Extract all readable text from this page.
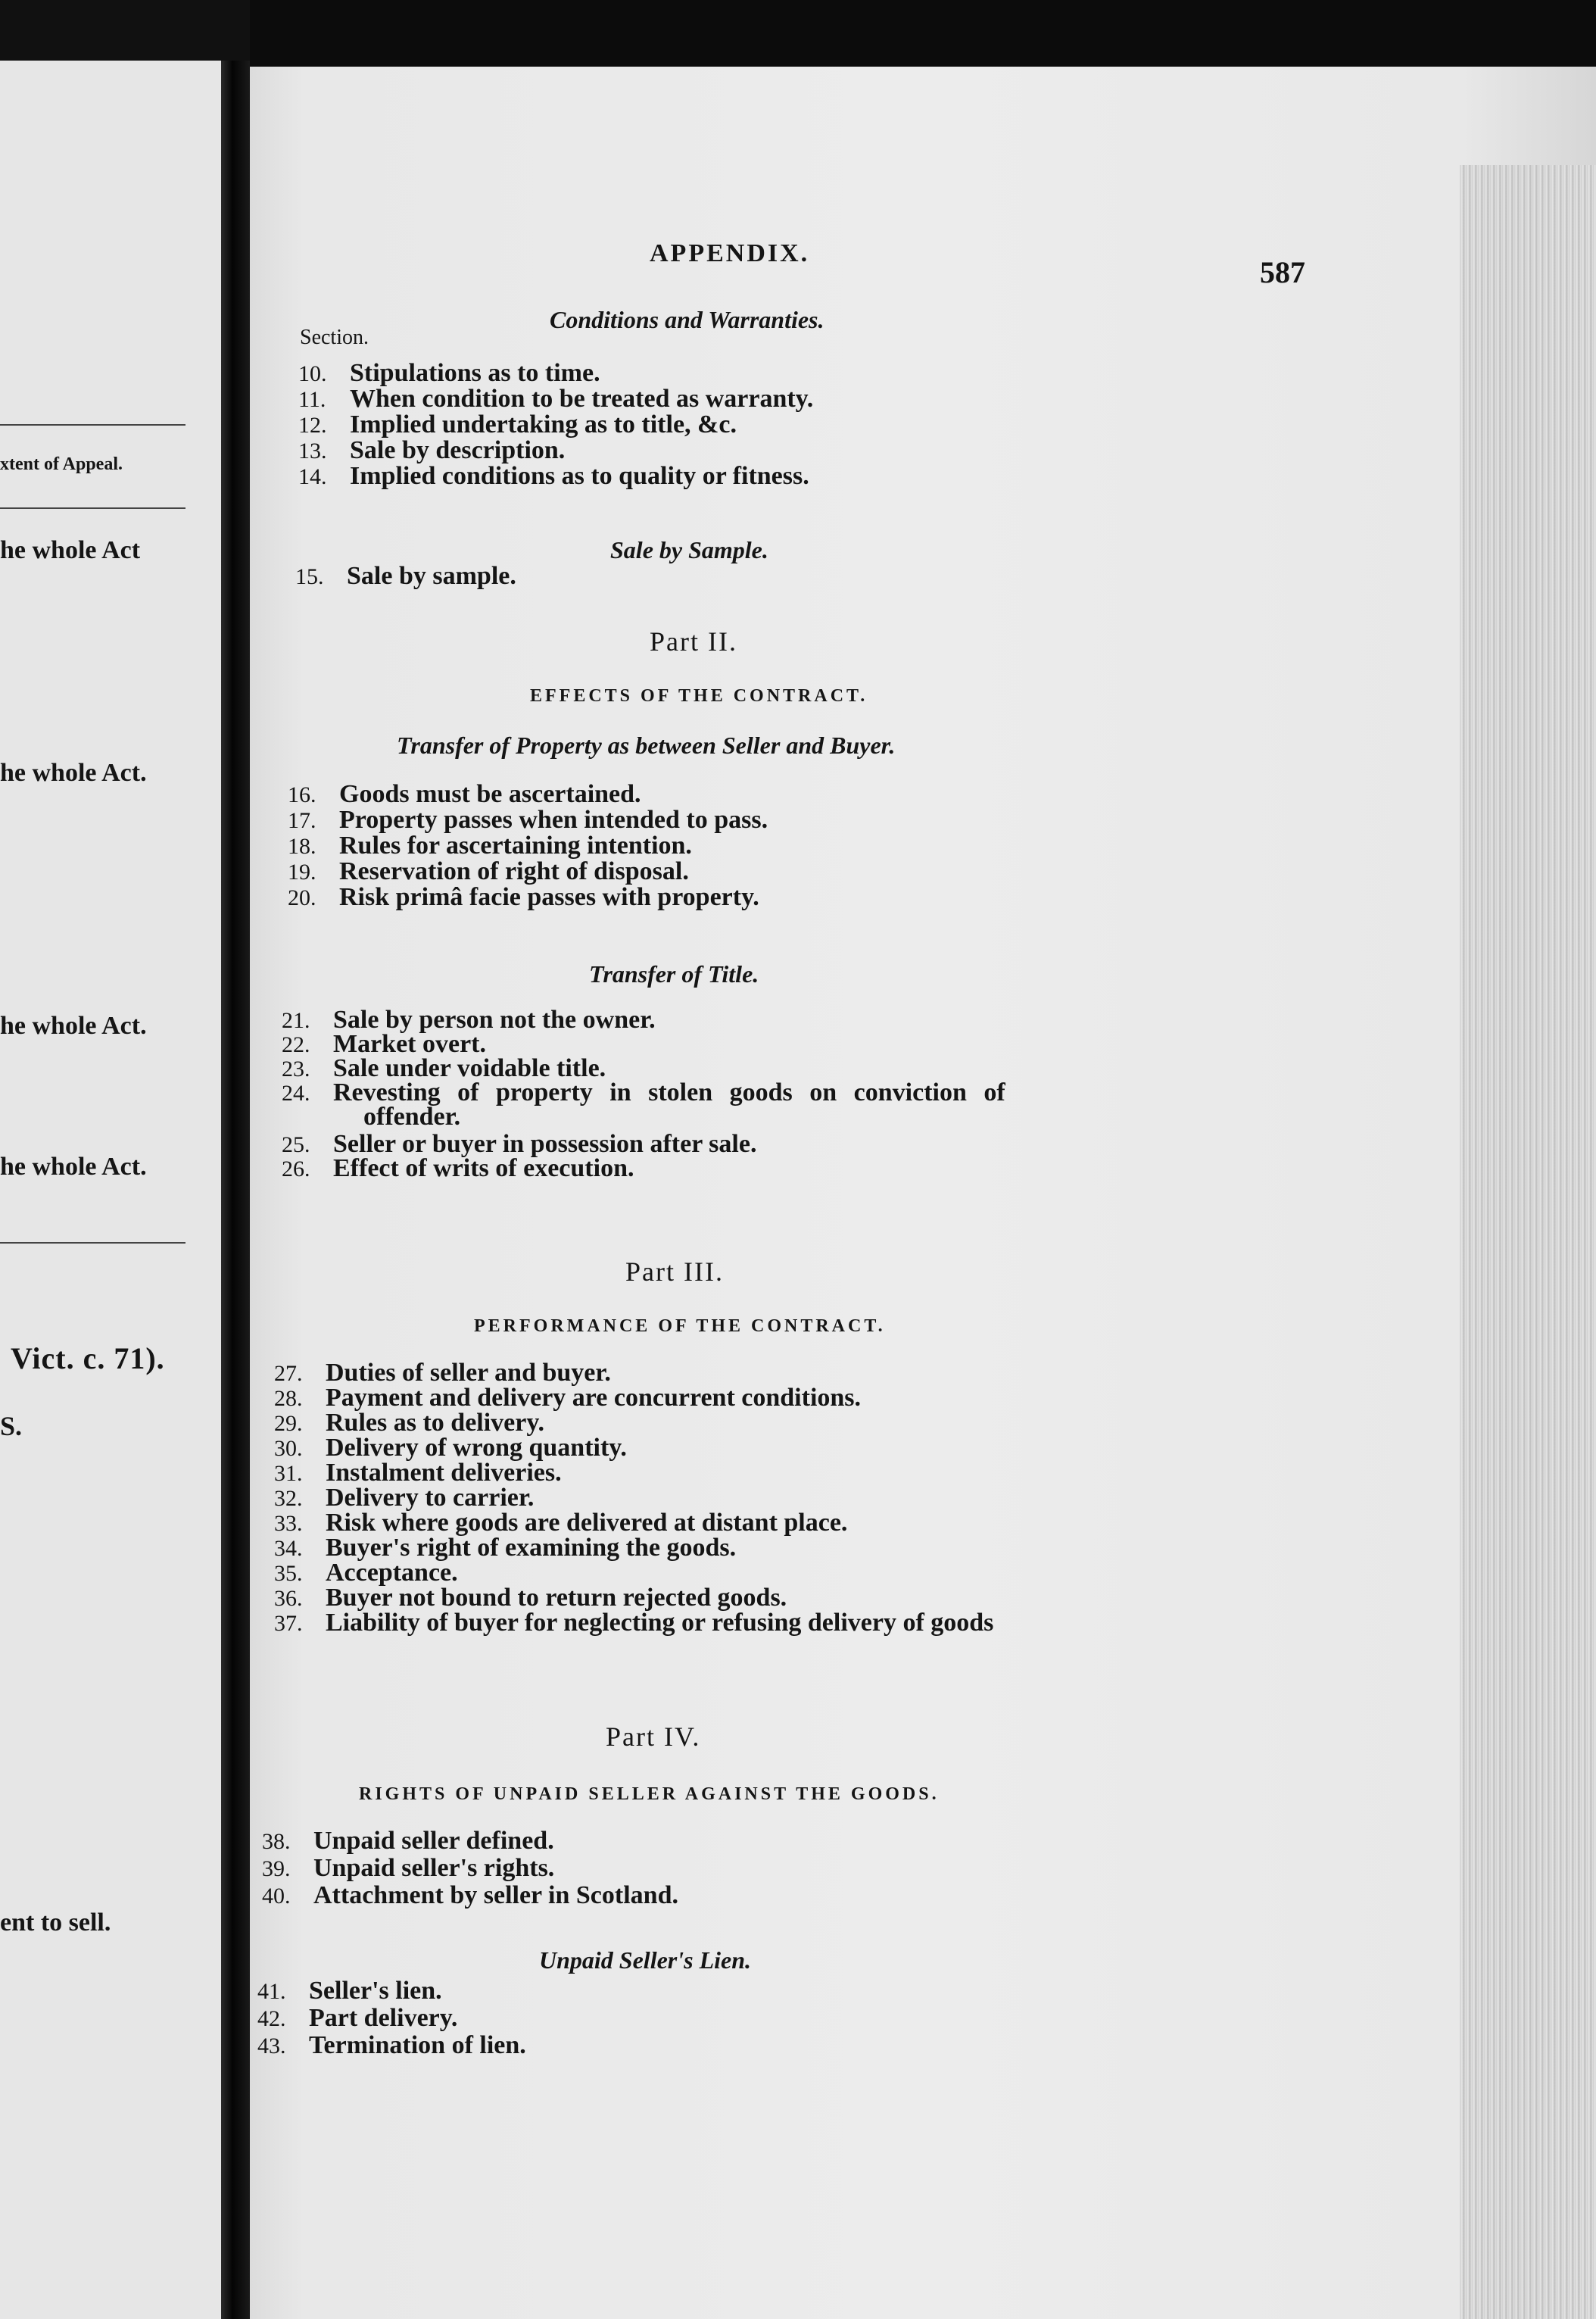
xtent of Appeal.
he whole Act
he whole Act.
he whole Act.
he whole Act.
Vict. c. 71).
S.
ent to sell.
APPENDIX.
587
Conditions and Warranties.
Section.
10. Stipulations as to time.
11. When condition to be treated as warranty.
12. Implied undertaking as to title, &c.
13. Sale by description.
14. Implied conditions as to quality or fitness.
Sale by Sample.
15. Sale by sample.
Part II.
EFFECTS OF THE CONTRACT.
Transfer of Property as between Seller and Buyer.
16. Goods must be ascertained.
17. Property passes when intended to pass.
18. Rules for ascertaining intention.
19. Reservation of right of disposal.
20. Risk primâ facie passes with property.
Transfer of Title.
21. Sale by person not the owner.
22. Market overt.
23. Sale under voidable title.
24. Revesting of property in stolen goods on conviction of
offender.
25. Seller or buyer in possession after sale.
26. Effect of writs of execution.
Part III.
PERFORMANCE OF THE CONTRACT.
27. Duties of seller and buyer.
28. Payment and delivery are concurrent conditions.
29. Rules as to delivery.
30. Delivery of wrong quantity.
31. Instalment deliveries.
32. Delivery to carrier.
33. Risk where goods are delivered at distant place.
34. Buyer's right of examining the goods.
35. Acceptance.
36. Buyer not bound to return rejected goods.
37. Liability of buyer for neglecting or refusing delivery of goods
Part IV.
RIGHTS OF UNPAID SELLER AGAINST THE GOODS.
38. Unpaid seller defined.
39. Unpaid seller's rights.
40. Attachment by seller in Scotland.
Unpaid Seller's Lien.
41. Seller's lien.
42. Part delivery.
43. Termination of lien.
